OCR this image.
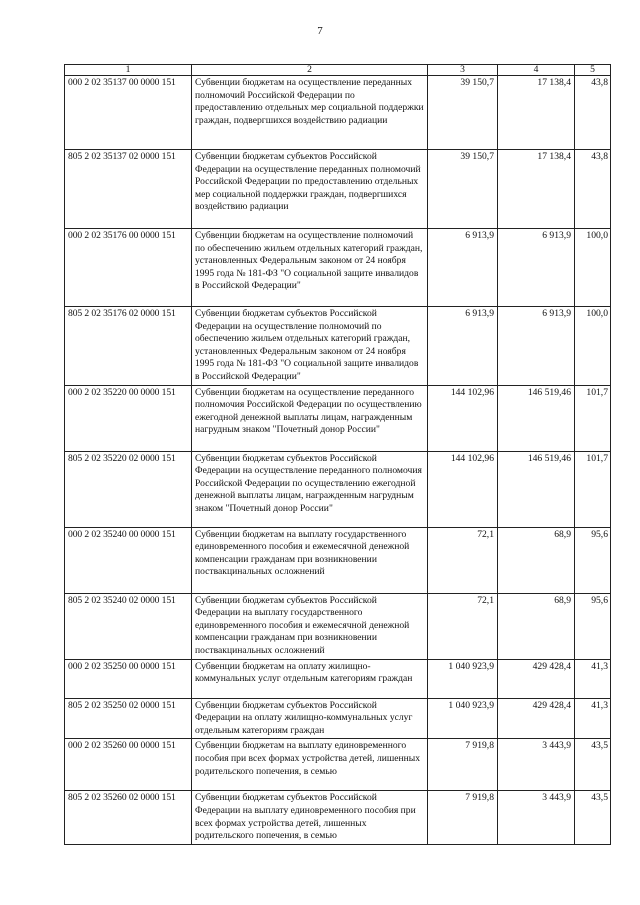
7
1	2	3	4	5
000 2 02 35137 00 0000 151	Субвенции бюджетам на осуществление переданных полномочий Российской Федерации по предоставлению отдельных мер социальной поддержки граждан, подвергшихся воздействию радиации	39 150,7	17 138,4	43,8
805 2 02 35137 02 0000 151	Субвенции бюджетам субъектов Российской Федерации на осуществление переданных полномочий Российской Федерации по предоставлению отдельных мер социальной поддержки граждан, подвергшихся воздействию радиации	39 150,7	17 138,4	43,8
000 2 02 35176 00 0000 151	Субвенции бюджетам на осуществление полномочий по обеспечению жильем отдельных категорий граждан, установленных Федеральным законом от 24 ноября 1995 года № 181-ФЗ "О социальной защите инвалидов в Российской Федерации"	6 913,9	6 913,9	100,0
805 2 02 35176 02 0000 151	Субвенции бюджетам субъектов Российской Федерации на осуществление полномочий по обеспечению жильем отдельных категорий граждан, установленных Федеральным законом от 24 ноября 1995 года № 181-ФЗ "О социальной защите инвалидов в Российской Федерации"	6 913,9	6 913,9	100,0
000 2 02 35220 00 0000 151	Субвенции бюджетам на осуществление переданного полномочия Российской Федерации по осуществлению ежегодной денежной выплаты лицам, награжденным нагрудным знаком "Почетный донор России"	144 102,96	146 519,46	101,7
805 2 02 35220 02 0000 151	Субвенции бюджетам субъектов Российской Федерации на осуществление переданного полномочия Российской Федерации по осуществлению ежегодной денежной выплаты лицам, награжденным нагрудным знаком "Почетный донор России"	144 102,96	146 519,46	101,7
000 2 02 35240 00 0000 151	Субвенции бюджетам на выплату государственного единовременного пособия и ежемесячной денежной компенсации гражданам при возникновении поствакцинальных осложнений	72,1	68,9	95,6
805 2 02 35240 02 0000 151	Субвенции бюджетам субъектов Российской Федерации на выплату государственного единовременного пособия и ежемесячной денежной компенсации гражданам при возникновении поствакцинальных осложнений	72,1	68,9	95,6
000 2 02 35250 00 0000 151	Субвенции бюджетам на оплату жилищно-коммунальных услуг отдельным категориям граждан	1 040 923,9	429 428,4	41,3
805 2 02 35250 02 0000 151	Субвенции бюджетам субъектов Российской Федерации на оплату жилищно-коммунальных услуг отдельным категориям граждан	1 040 923,9	429 428,4	41,3
000 2 02 35260 00 0000 151	Субвенции бюджетам на выплату единовременного пособия при всех формах устройства детей, лишенных родительского попечения, в семью	7 919,8	3 443,9	43,5
805 2 02 35260 02 0000 151	Субвенции бюджетам субъектов Российской Федерации на выплату единовременного пособия при всех формах устройства детей, лишенных родительского попечения, в семью	7 919,8	3 443,9	43,5
